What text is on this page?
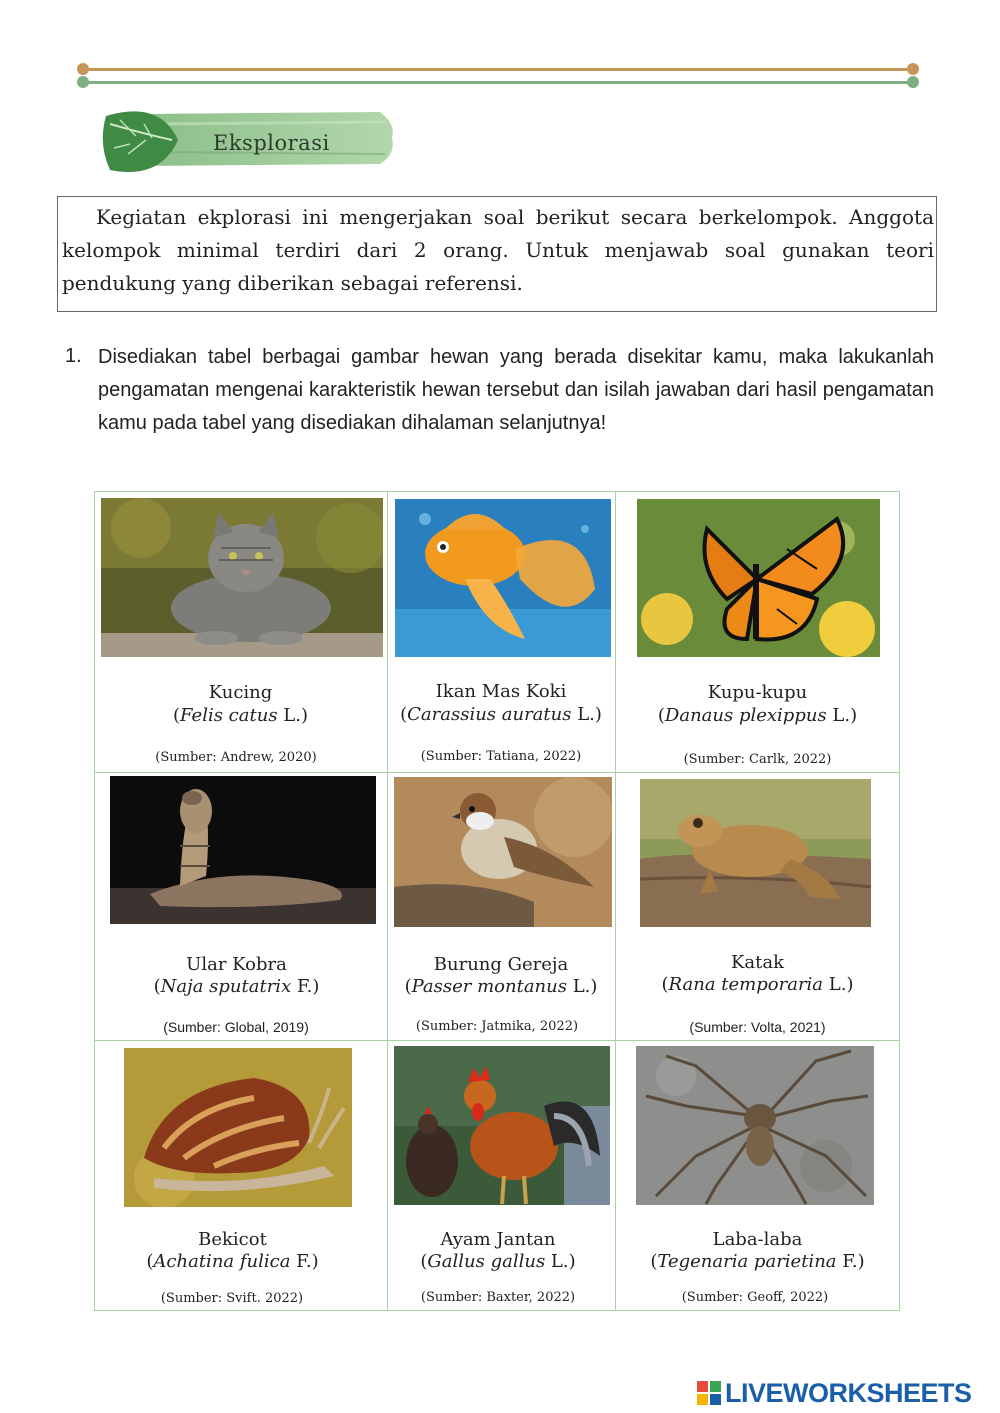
Eksplorasi

Kegiatan ekplorasi ini mengerjakan soal berikut secara berkelompok. Anggota kelompok minimal terdiri dari 2 orang. Untuk menjawab soal gunakan teori pendukung yang diberikan sebagai referensi.

1. Disediakan tabel berbagai gambar hewan yang berada disekitar kamu, maka lakukanlah pengamatan mengenai karakteristik hewan tersebut dan isilah jawaban dari hasil pengamatan kamu pada tabel yang disediakan dihalaman selanjutnya!

Kucing
(Felis catus L.)
(Sumber: Andrew, 2020)
Ikan Mas Koki
(Carassius auratus L.)
(Sumber: Tatiana, 2022)
Kupu-kupu
(Danaus plexippus L.)
(Sumber: Carlk, 2022)
Ular Kobra
(Naja sputatrix F.)
(Sumber: Global, 2019)
Burung Gereja
(Passer montanus L.)
(Sumber: Jatmika, 2022)
Katak
(Rana temporaria L.)
(Sumber: Volta, 2021)
Bekicot
(Achatina fulica F.)
(Sumber: Svift. 2022)
Ayam Jantan
(Gallus gallus L.)
(Sumber: Baxter, 2022)
Laba-laba
(Tegenaria parietina F.)
(Sumber: Geoff, 2022)
LIVEWORKSHEETS
